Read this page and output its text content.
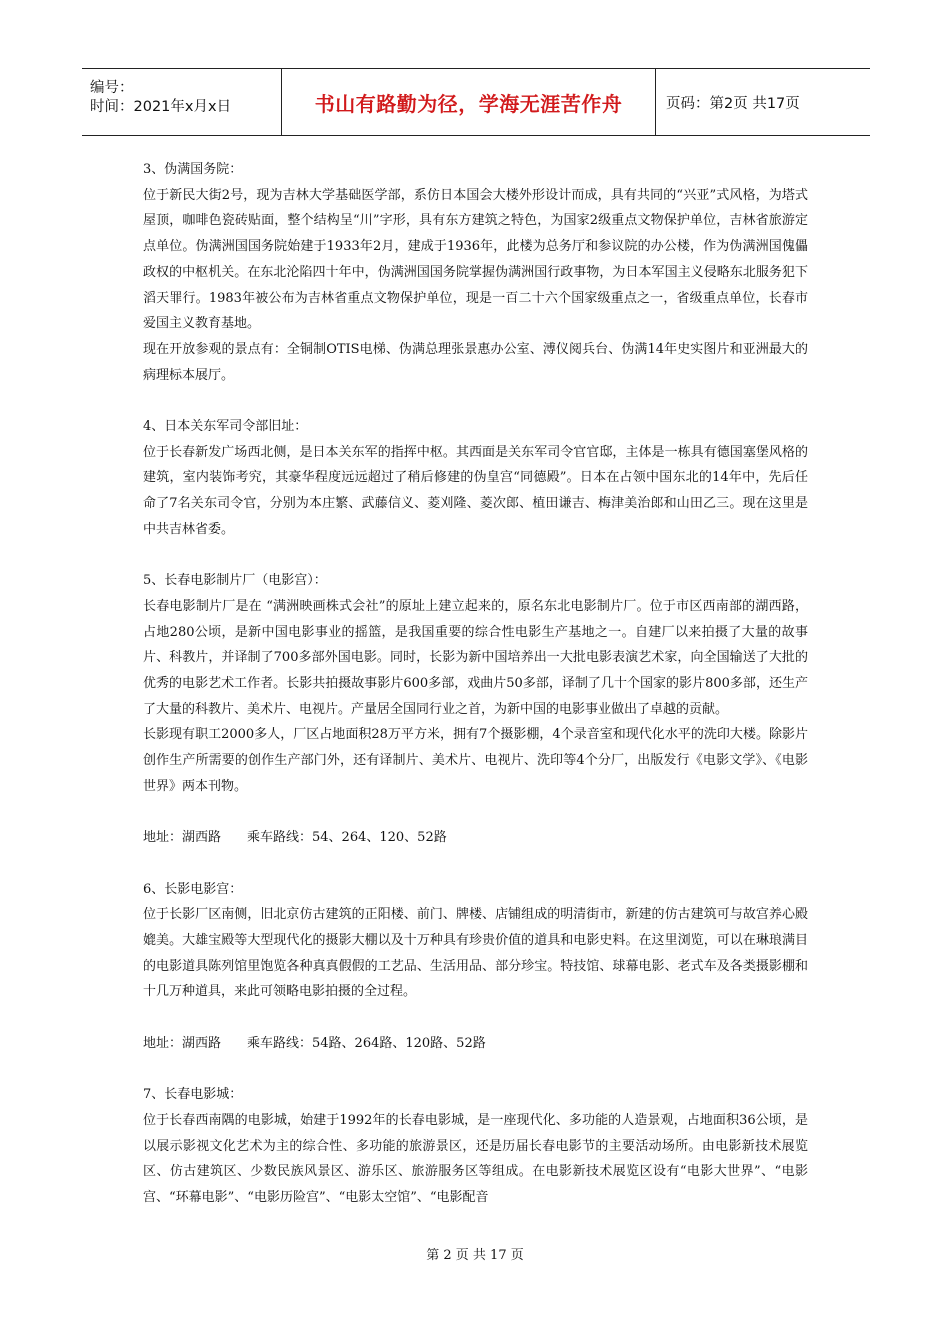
编号：
时间：2021年x月x日	书山有路勤为径，学海无涯苦作舟	页码：第2页 共17页

3、伪满国务院：

位于新民大街2号，现为吉林大学基础医学部，系仿日本国会大楼外形设计而成，具有共同的“兴亚”式风格，为塔式屋顶，咖啡色瓷砖贴面，整个结构呈“川”字形，具有东方建筑之特色，为国家2级重点文物保护单位，吉林省旅游定点单位。伪满洲国国务院始建于1933年2月，建成于1936年，此楼为总务厅和参议院的办公楼，作为伪满洲国傀儡政权的中枢机关。在东北沦陷四十年中，伪满洲国国务院掌握伪满洲国行政事物，为日本军国主义侵略东北服务犯下滔天罪行。1983年被公布为吉林省重点文物保护单位，现是一百二十六个国家级重点之一，省级重点单位，长春市爱国主义教育基地。

现在开放参观的景点有：全铜制OTIS电梯、伪满总理张景惠办公室、溥仪阅兵台、伪满14年史实图片和亚洲最大的病理标本展厅。

4、日本关东军司令部旧址：

位于长春新发广场西北侧，是日本关东军的指挥中枢。其西面是关东军司令官官邸，主体是一栋具有德国塞堡风格的建筑，室内装饰考究，其豪华程度远远超过了稍后修建的伪皇宫“同德殿”。日本在占领中国东北的14年中，先后任命了7名关东司令官，分别为本庄繁、武藤信义、菱刈隆、菱次郎、植田谦吉、梅津美治郎和山田乙三。现在这里是中共吉林省委。

5、长春电影制片厂（电影宫）：

长春电影制片厂是在 “满洲映画株式会社”的原址上建立起来的，原名东北电影制片厂。位于市区西南部的湖西路，占地280公顷，是新中国电影事业的摇篮，是我国重要的综合性电影生产基地之一。自建厂以来拍摄了大量的故事片、科教片，并译制了700多部外国电影。同时，长影为新中国培养出一大批电影表演艺术家，向全国输送了大批的优秀的电影艺术工作者。长影共拍摄故事影片600多部，戏曲片50多部，译制了几十个国家的影片800多部，还生产了大量的科教片、美术片、电视片。产量居全国同行业之首，为新中国的电影事业做出了卓越的贡献。

长影现有职工2000多人，厂区占地面积28万平方米，拥有7个摄影棚，4个录音室和现代化水平的洗印大楼。除影片创作生产所需要的创作生产部门外，还有译制片、美术片、电视片、洗印等4个分厂，出版发行《电影文学》、《电影世界》两本刊物。

地址：湖西路　　乘车路线：54、264、120、52路

6、长影电影宫：

位于长影厂区南侧，旧北京仿古建筑的正阳楼、前门、牌楼、店铺组成的明清街市，新建的仿古建筑可与故宫养心殿媲美。大雄宝殿等大型现代化的摄影大棚以及十万种具有珍贵价值的道具和电影史料。在这里浏览，可以在琳琅满目的电影道具陈列馆里饱览各种真真假假的工艺品、生活用品、部分珍宝。特技馆、球幕电影、老式车及各类摄影棚和十几万种道具，来此可领略电影拍摄的全过程。

地址：湖西路　　乘车路线：54路、264路、120路、52路

7、长春电影城：

位于长春西南隅的电影城，始建于1992年的长春电影城，是一座现代化、多功能的人造景观，占地面积36公顷，是以展示影视文化艺术为主的综合性、多功能的旅游景区，还是历届长春电影节的主要活动场所。由电影新技术展览区、仿古建筑区、少数民族风景区、游乐区、旅游服务区等组成。在电影新技术展览区设有“电影大世界”、“电影宫、“环幕电影”、“电影历险宫”、“电影太空馆”、“电影配音

第 2 页 共 17 页
